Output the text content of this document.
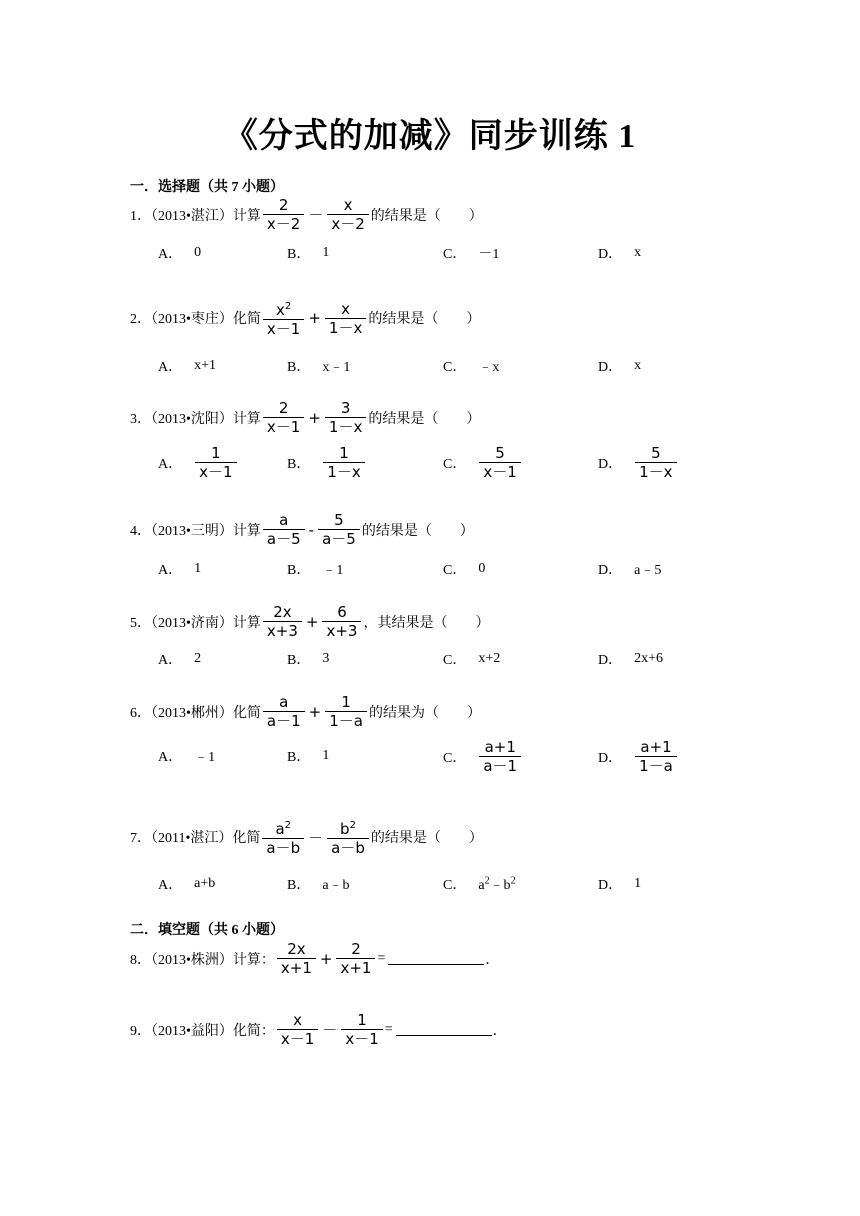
《分式的加减》同步训练 1
一．选择题（共 7 小题）
1．（2013•湛江）计算 $\frac{2}{x-2} - \frac{x}{x-2}$ 的结果是（　　）
A． 0	B． 1	C． －1	D． x
2．（2013•枣庄）化简 $\frac{x^2}{x-1} + \frac{x}{1-x}$ 的结果是（　　）
A． x+1	B． x﹣1	C． ﹣x	D． x
3．（2013•沈阳）计算 $\frac{2}{x-1} + \frac{3}{1-x}$ 的结果是（　　）
A． $\frac{1}{x-1}$	B． $\frac{1}{1-x}$	C． $\frac{5}{x-1}$	D． $\frac{5}{1-x}$
4．（2013•三明）计算 $\frac{a}{a-5} - \frac{5}{a-5}$ 的结果是（　　）
A． 1	B． ﹣1	C． 0	D． a﹣5
5．（2013•济南）计算 $\frac{2x}{x+3} + \frac{6}{x+3}$ ，其结果是（　　）
A． 2	B． 3	C． x+2	D． 2x+6
6．（2013•郴州）化简 $\frac{a}{a-1} + \frac{1}{1-a}$ 的结果为（　　）
A． ﹣1	B． 1	C． $\frac{a+1}{a-1}$	D． $\frac{a+1}{1-a}$
7．（2011•湛江）化简 $\frac{a^2}{a-b} - \frac{b^2}{a-b}$ 的结果是（　　）
A． a+b	B． a﹣b	C． $a^2﹣b^2$	D． 1
二．填空题（共 6 小题）
8．（2013•株洲）计算： $\frac{2x}{x+1} + \frac{2}{x+1}$ =	．
9．（2013•益阳）化简： $\frac{x}{x-1} - \frac{1}{x-1}$ =	．
